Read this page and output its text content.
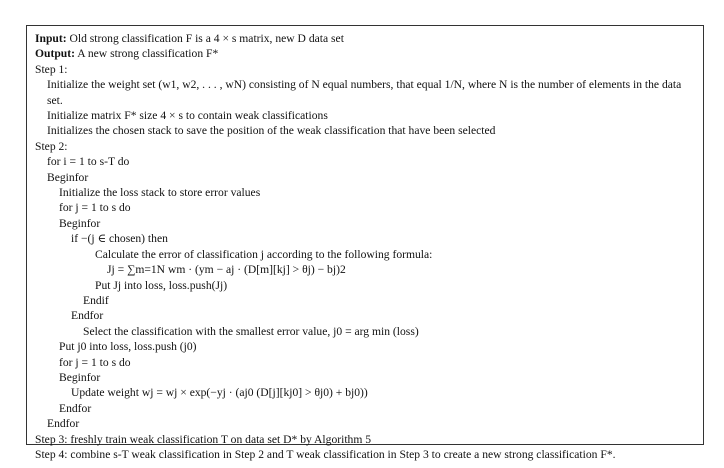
Input: Old strong classification F is a 4 × s matrix, new D data set
Output: A new strong classification F*
Step 1:
Initialize the weight set (w1, w2, . . . , wN) consisting of N equal numbers, that equal 1/N, where N is the number of elements in the data set.
Initialize matrix F* size 4 × s to contain weak classifications
Initializes the chosen stack to save the position of the weak classification that have been selected
Step 2:
for i = 1 to s-T do
Beginfor
Initialize the loss stack to store error values
for j = 1 to s do
Beginfor
if −(j ∈ chosen) then
Calculate the error of classification j according to the following formula:
Jj = ∑m=1N wm · (ym − aj · (D[m][kj] > θj) − bj)2
Put Jj into loss, loss.push(Jj)
Endif
Endfor
Select the classification with the smallest error value, j0 = arg min (loss)
Put j0 into loss, loss.push (j0)
for j = 1 to s do
Beginfor
Update weight wj = wj × exp(−yj · (aj0 (D[j][kj0] > θj0) + bj0))
Endfor
Endfor
Step 3: freshly train weak classification T on data set D* by Algorithm 5
Step 4: combine s-T weak classification in Step 2 and T weak classification in Step 3 to create a new strong classification F*.
